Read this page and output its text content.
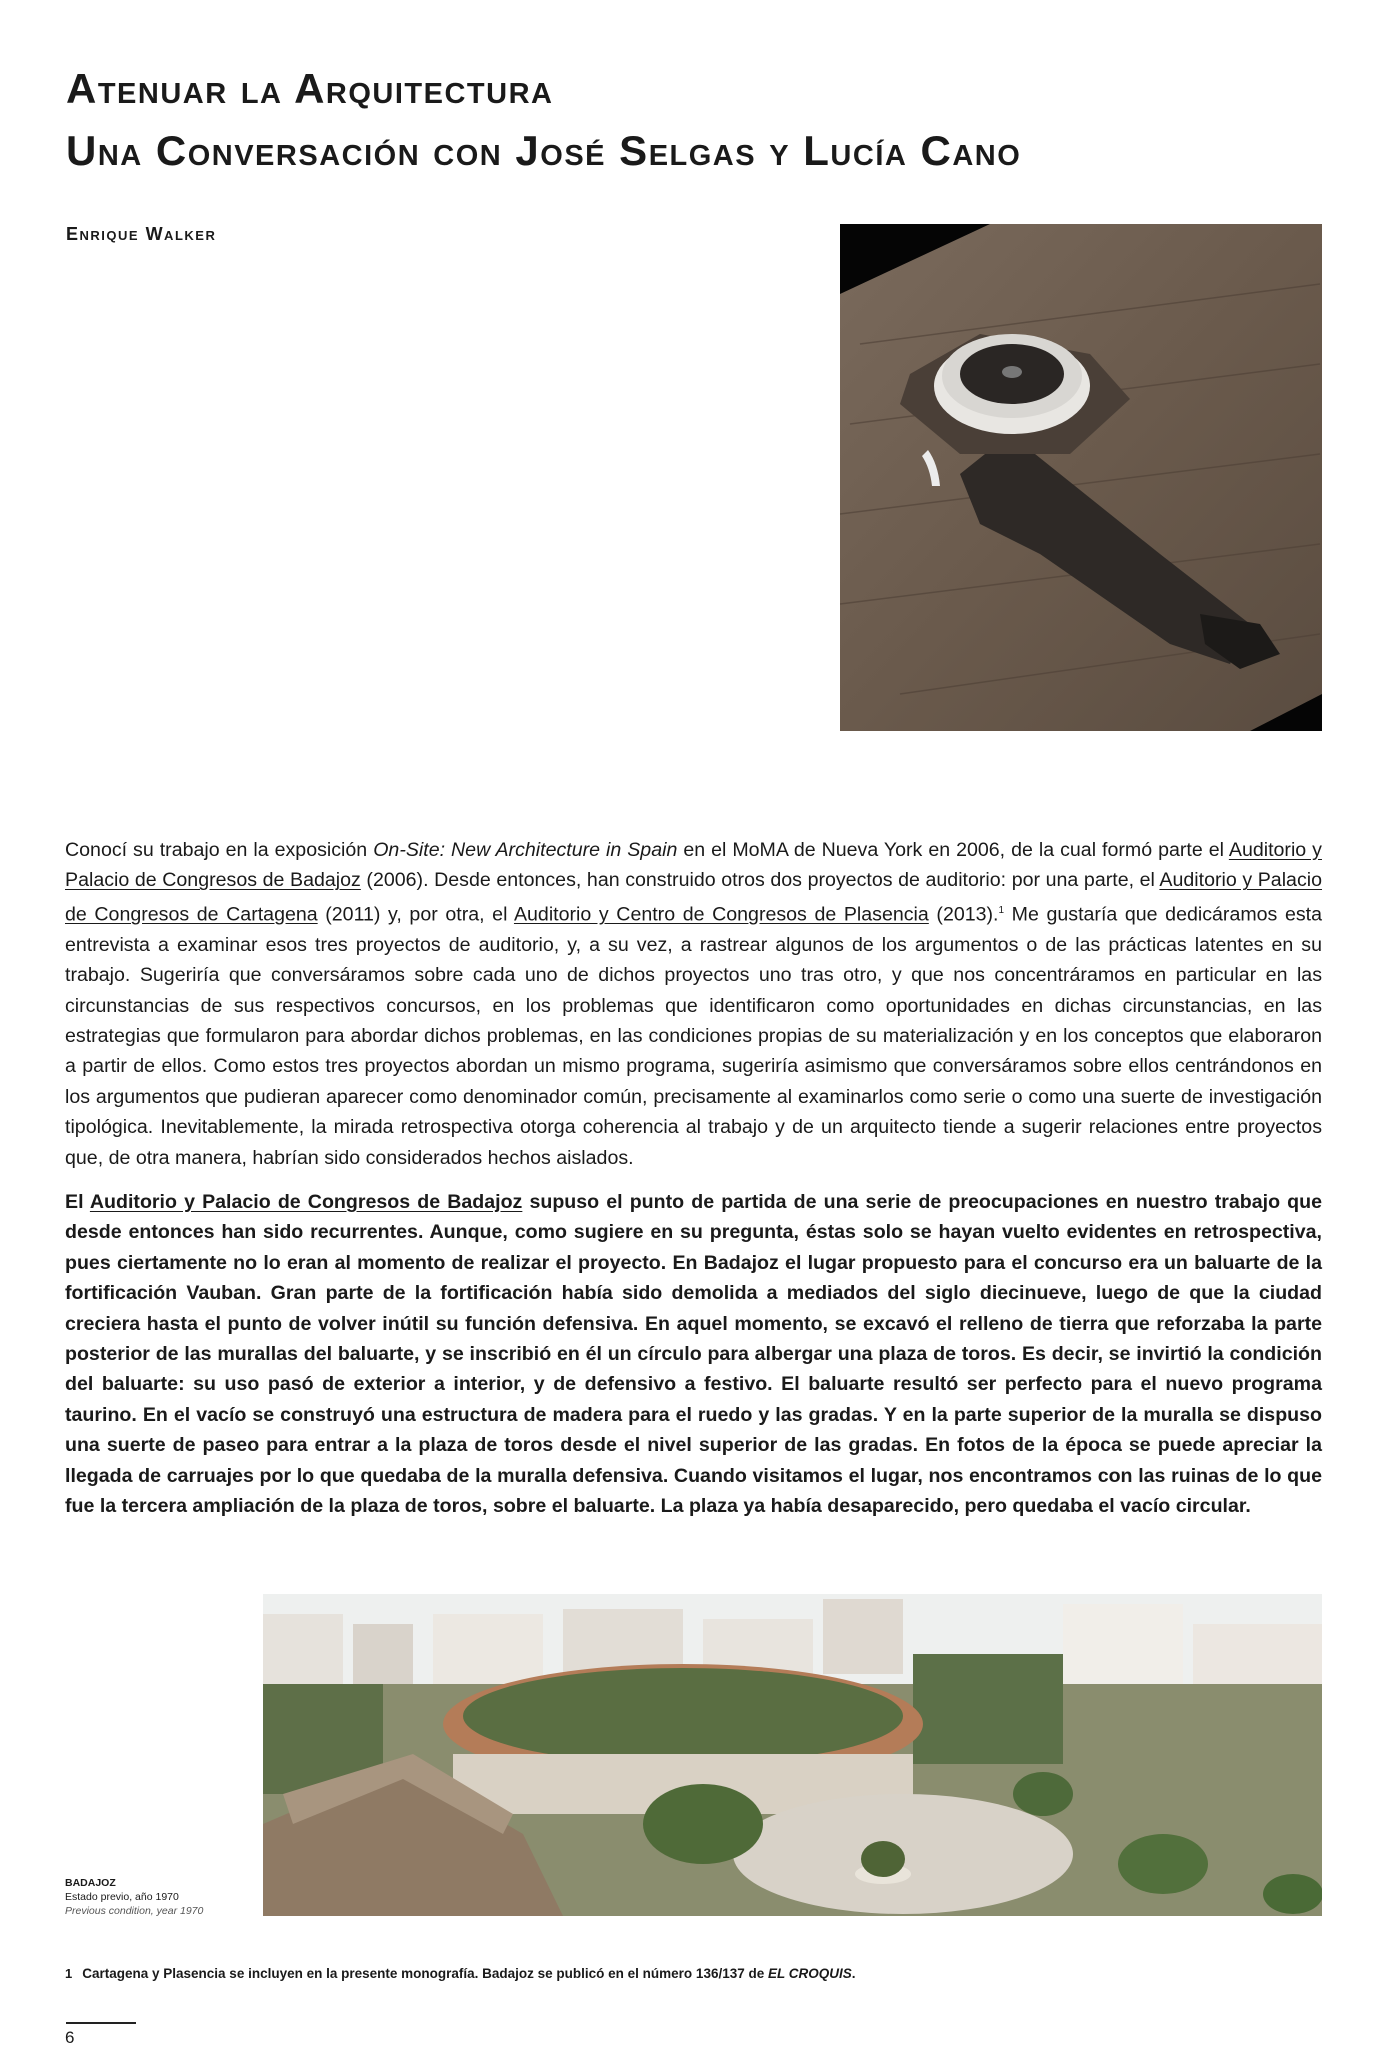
Atenuar la Arquitectura
Una Conversación con José Selgas y Lucía Cano
Enrique Walker

Conocí su trabajo en la exposición On-Site: New Architecture in Spain en el MoMA de Nueva York en 2006, de la cual formó parte el Auditorio y Palacio de Congresos de Badajoz (2006). Desde entonces, han construido otros dos proyectos de auditorio: por una parte, el Auditorio y Palacio de Congresos de Cartagena (2011) y, por otra, el Auditorio y Centro de Congresos de Plasencia (2013).$^1$ Me gustaría que dedicáramos esta entrevista a examinar esos tres proyectos de auditorio, y, a su vez, a rastrear algunos de los argumentos o de las prácticas latentes en su trabajo. Sugeriría que conversáramos sobre cada uno de dichos proyectos uno tras otro, y que nos concentráramos en particular en las circunstancias de sus respectivos concursos, en los problemas que identificaron como oportunidades en dichas circunstancias, en las estrategias que formularon para abordar dichos problemas, en las condiciones propias de su materialización y en los conceptos que elaboraron a partir de ellos. Como estos tres proyectos abordan un mismo programa, sugeriría asimismo que conversáramos sobre ellos centrándonos en los argumentos que pudieran aparecer como denominador común, precisamente al examinarlos como serie o como una suerte de investigación tipológica. Inevitablemente, la mirada retrospectiva otorga coherencia al trabajo y de un arquitecto tiende a sugerir relaciones entre proyectos que, de otra manera, habrían sido considerados hechos aislados.

El Auditorio y Palacio de Congresos de Badajoz supuso el punto de partida de una serie de preocupaciones en nuestro trabajo que desde entonces han sido recurrentes. Aunque, como sugiere en su pregunta, éstas solo se hayan vuelto evidentes en retrospectiva, pues ciertamente no lo eran al momento de realizar el proyecto. En Badajoz el lugar propuesto para el concurso era un baluarte de la fortificación Vauban. Gran parte de la fortificación había sido demolida a mediados del siglo diecinueve, luego de que la ciudad creciera hasta el punto de volver inútil su función defensiva. En aquel momento, se excavó el relleno de tierra que reforzaba la parte posterior de las murallas del baluarte, y se inscribió en él un círculo para albergar una plaza de toros. Es decir, se invirtió la condición del baluarte: su uso pasó de exterior a interior, y de defensivo a festivo. El baluarte resultó ser perfecto para el nuevo programa taurino. En el vacío se construyó una estructura de madera para el ruedo y las gradas. Y en la parte superior de la muralla se dispuso una suerte de paseo para entrar a la plaza de toros desde el nivel superior de las gradas. En fotos de la época se puede apreciar la llegada de carruajes por lo que quedaba de la muralla defensiva. Cuando visitamos el lugar, nos encontramos con las ruinas de lo que fue la tercera ampliación de la plaza de toros, sobre el baluarte. La plaza ya había desaparecido, pero quedaba el vacío circular.

BADAJOZ
Estado previo, año 1970
Previous condition, year 1970
1 Cartagena y Plasencia se incluyen en la presente monografía. Badajoz se publicó en el número 136/137 de EL CROQUIS.
6
